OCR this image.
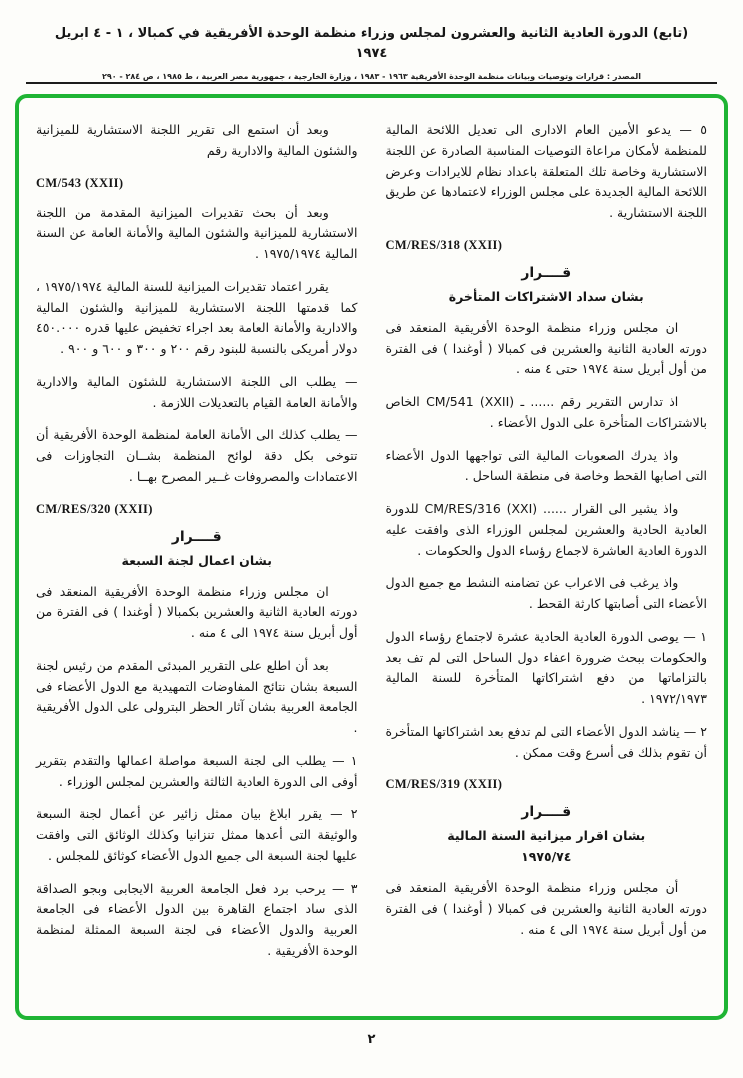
(تابع) الدورة العادية الثانية والعشرون لمجلس وزراء منظمة الوحدة الأفريقية في كمبالا ، ١ - ٤ ابريل ١٩٧٤
المصدر : قرارات وتوصيات وبيانات منظمة الوحدة الأفريقية ١٩٦٣ - ١٩٨٣ ، وزارة الخارجية ، جمهورية مصر العربية ، ط ١٩٨٥ ، ص ٢٨٤ - ٢٩٠
٥ — يدعو الأمين العام الادارى الى تعديل اللائحة المالية للمنظمة لأمكان مراعاة التوصيات المناسبة الصادرة عن اللجنة الاستشارية وخاصة تلك المتعلقة باعداد نظام للايرادات وعرض اللائحة المالية الجديدة على مجلس الوزراء لاعتمادها عن طريق اللجنة الاستشارية .
CM/RES/318 (XXII)
قــــرار
بشان سداد الاشتراكات المتأخرة
ان مجلس وزراء منظمة الوحدة الأفريقية المنعقد فى دورته العادية الثانية والعشرين فى كمبالا ( أوغندا ) فى الفترة من أول أبريل سنة ١٩٧٤ حتى ٤ منه .
اذ تدارس التقرير رقم ...... ـ CM/541 (XXII) الخاص بالاشتراكات المتأخرة على الدول الأعضاء .
واذ يدرك الصعوبات المالية التى تواجهها الدول الأعضاء التى اصابها القحط وخاصة فى منطقة الساحل .
واذ يشير الى القرار ...... CM/RES/316 (XXI) للدورة العادية الحادية والعشرين لمجلس الوزراء الذى وافقت عليه الدورة العادية العاشرة لاجماع رؤساء الدول والحكومات .
واذ يرغب فى الاعراب عن تضامنه النشط مع جميع الدول الأعضاء التى أصابتها كارثة القحط .
١ — يوصى الدورة العادية الحادية عشرة لاجتماع رؤساء الدول والحكومات ببحث ضرورة اعفاء دول الساحل التى لم تف بعد بالتزاماتها من دفع اشتراكاتها المتأخرة للسنة المالية ١٩٧٢/١٩٧٣ .
٢ — يناشد الدول الأعضاء التى لم تدفع بعد اشتراكاتها المتأخرة أن تقوم بذلك فى أسرع وقت ممكن .
CM/RES/319 (XXII)
قــــرار
بشان اقرار ميزانية السنة المالية
١٩٧٥/٧٤
أن مجلس وزراء منظمة الوحدة الأفريقية المنعقد فى دورته العادية الثانية والعشرين فى كمبالا ( أوغندا ) فى الفترة من أول أبريل سنة ١٩٧٤ الى ٤ منه .
وبعد أن استمع الى تقرير اللجنة الاستشارية للميزانية والشئون المالية والادارية رقم
CM/543 (XXII)
وبعد أن بحث تقديرات الميزانية المقدمة من اللجنة الاستشارية للميزانية والشئون المالية والأمانة العامة عن السنة المالية ١٩٧٥/١٩٧٤ .
يقرر اعتماد تقديرات الميزانية للسنة المالية ١٩٧٥/١٩٧٤ ، كما قدمتها اللجنة الاستشارية للميزانية والشئون المالية والادارية والأمانة العامة بعد اجراء تخفيض عليها قدره ٤٥٠.٠٠٠ دولار أمريكى بالنسبة للبنود رقم ٢٠٠ و ٣٠٠ و ٦٠٠ و ٩٠٠ .
— يطلب الى اللجنة الاستشارية للشئون المالية والادارية والأمانة العامة القيام بالتعديلات اللازمة .
— يطلب كذلك الى الأمانة العامة لمنظمة الوحدة الأفريقية أن تتوخى بكل دقة لوائح المنظمة بشــان التجاوزات فى الاعتمادات والمصروفات غــير المصرح بهــا .
CM/RES/320 (XXII)
قــــرار
بشان اعمال لجنة السبعة
ان مجلس وزراء منظمة الوحدة الأفريقية المنعقد فى دورته العادية الثانية والعشرين بكمبالا ( أوغندا ) فى الفترة من أول أبريل سنة ١٩٧٤ الى ٤ منه .
بعد أن اطلع على التقرير المبدئى المقدم من رئيس لجنة السبعة بشان نتائج المفاوضات التمهيدية مع الدول الأعضاء فى الجامعة العربية بشان آثار الحظر البترولى على الدول الأفريقية .
١ — يطلب الى لجنة السبعة مواصلة اعمالها والتقدم بتقرير أوفى الى الدورة العادية الثالثة والعشرين لمجلس الوزراء .
٢ — يقرر ابلاغ بيان ممثل زائير عن أعمال لجنة السبعة والوثيقة التى أعدها ممثل تنزانيا وكذلك الوثائق التى وافقت عليها لجنة السبعة الى جميع الدول الأعضاء كوثائق للمجلس .
٣ — يرحب برد فعل الجامعة العربية الايجابى وبجو الصداقة الذى ساد اجتماع القاهرة بين الدول الأعضاء فى الجامعة العربية والدول الأعضاء فى لجنة السبعة الممثلة لمنظمة الوحدة الأفريقية .
٢
